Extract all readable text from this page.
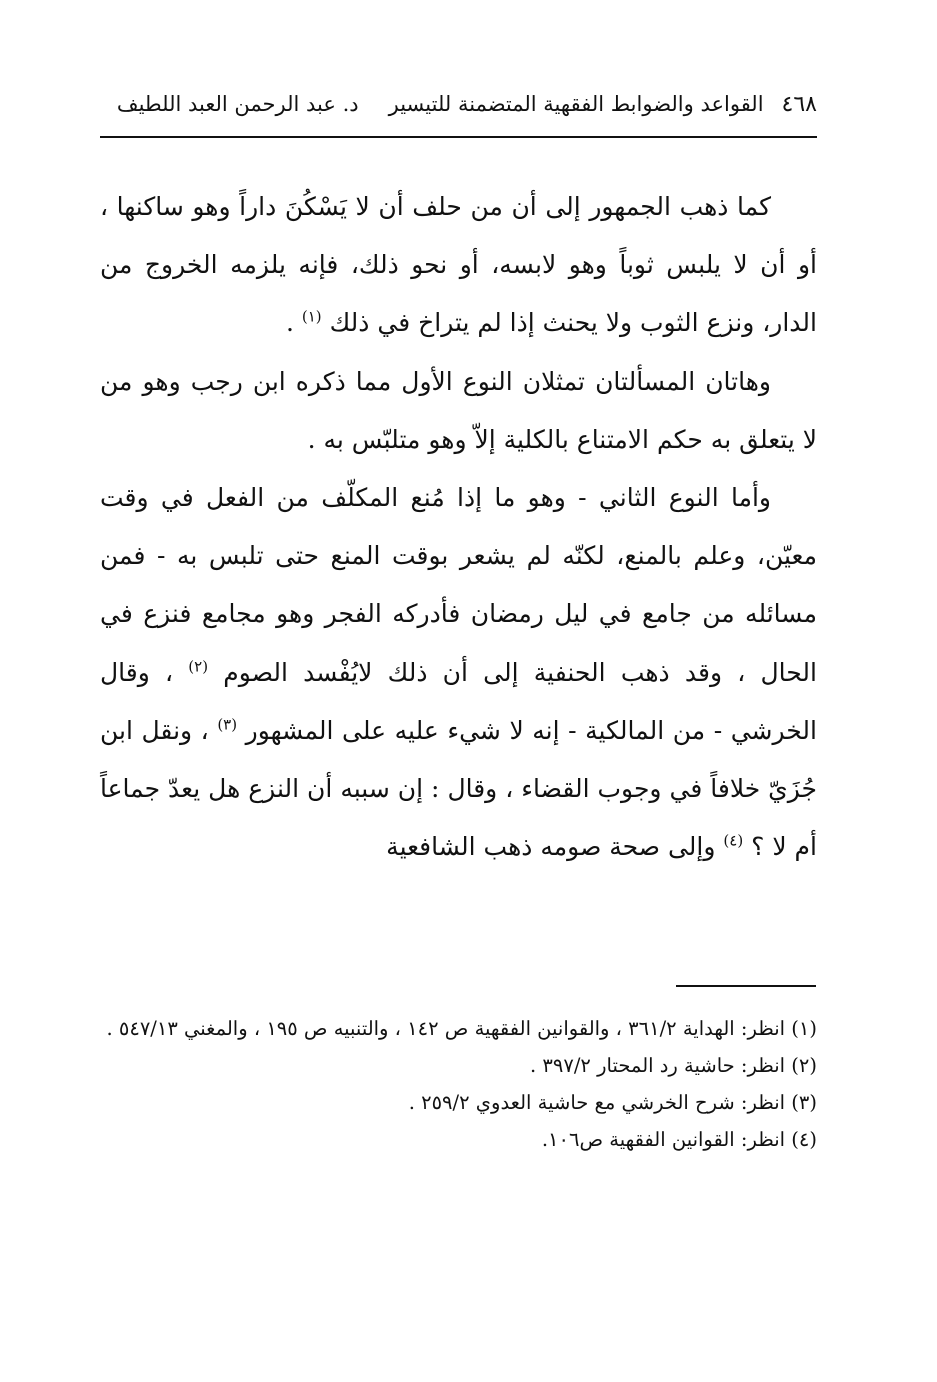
٤٦٨
القواعد والضوابط الفقهية المتضمنة للتيسير
د. عبد الرحمن العبد اللطيف

كما ذهب الجمهور إلى أن من حلف أن لا يَسْكُنَ داراً وهو ساكنها ، أو أن لا يلبس ثوباً وهو لابسه، أو نحو ذلك، فإنه يلزمه الخروج من الدار، ونزع الثوب ولا يحنث إذا لم يتراخ في ذلك $^{(١)}$ .

وهاتان المسألتان تمثلان النوع الأول مما ذكره ابن رجب وهو من لا يتعلق به حكم الامتناع بالكلية إلاّ وهو متلبّس به .

وأما النوع الثاني - وهو ما إذا مُنع المكلّف من الفعل في وقت معيّن، وعلم بالمنع، لكنّه لم يشعر بوقت المنع حتى تلبس به - فمن مسائله من جامع في ليل رمضان فأدركه الفجر وهو مجامع فنزع في الحال ، وقد ذهب الحنفية إلى أن ذلك لايُفْسد الصوم $^{(٢)}$ ، وقال الخرشي - من المالكية - إنه لا شيء عليه على المشهور $^{(٣)}$ ، ونقل ابن جُزَيّ خلافاً في وجوب القضاء ، وقال : إن سببه أن النزع هل يعدّ جماعاً أم لا ؟ $^{(٤)}$ وإلى صحة صومه ذهب الشافعية

(١) انظر: الهداية ٣٦١/٢ ، والقوانين الفقهية ص ١٤٢ ، والتنبيه ص ١٩٥ ، والمغني ٥٤٧/١٣ .

(٢) انظر: حاشية رد المحتار ٣٩٧/٢ .

(٣) انظر: شرح الخرشي مع حاشية العدوي ٢٥٩/٢ .

(٤) انظر: القوانين الفقهية ص١٠٦.
